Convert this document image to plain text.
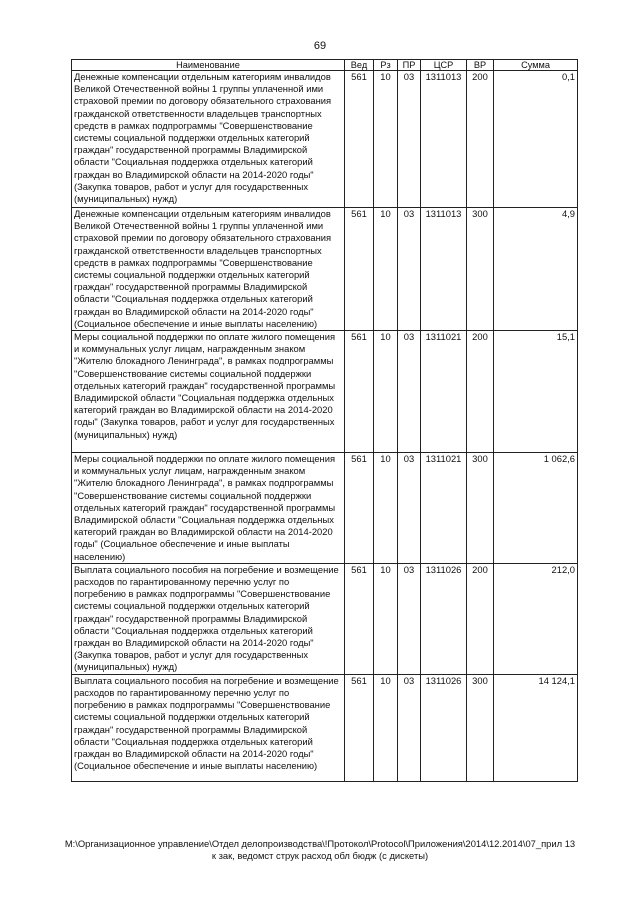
69
Наименование	Вед	Рз	ПР	ЦСР	ВР	Сумма
Денежные компенсации отдельным категориям инвалидов Великой Отечественной войны 1 группы уплаченной ими страховой премии по договору обязательного страхования гражданской ответственности владельцев транспортных средств в рамках подпрограммы "Совершенствование системы социальной поддержки отдельных категорий граждан" государственной программы Владимирской области "Социальная поддержка отдельных категорий граждан во Владимирской области на 2014-2020 годы" (Закупка товаров, работ и услуг для государственных (муниципальных) нужд)	561	10	03	1311013	200	0,1
Денежные компенсации отдельным категориям инвалидов Великой Отечественной войны 1 группы уплаченной ими страховой премии по договору обязательного страхования гражданской ответственности владельцев транспортных средств в рамках подпрограммы "Совершенствование системы социальной поддержки отдельных категорий граждан" государственной программы Владимирской области "Социальная поддержка отдельных категорий граждан во Владимирской области на 2014-2020 годы" (Социальное обеспечение и иные выплаты населению)	561	10	03	1311013	300	4,9
Меры социальной поддержки по оплате жилого помещения и коммунальных услуг лицам, награжденным знаком "Жителю блокадного Ленинграда", в рамках подпрограммы "Совершенствование системы социальной поддержки отдельных категорий граждан" государственной программы Владимирской области "Социальная поддержка отдельных категорий граждан во Владимирской области на 2014-2020 годы" (Закупка товаров, работ и услуг для государственных (муниципальных) нужд)	561	10	03	1311021	200	15,1
Меры социальной поддержки по оплате жилого помещения и коммунальных услуг лицам, награжденным знаком "Жителю блокадного Ленинграда", в рамках подпрограммы "Совершенствование системы социальной поддержки отдельных категорий граждан" государственной программы Владимирской области "Социальная поддержка отдельных категорий граждан во Владимирской области на 2014-2020 годы" (Социальное обеспечение и иные выплаты населению)	561	10	03	1311021	300	1 062,6
Выплата социального пособия на погребение и возмещение расходов по гарантированному перечню услуг по погребению в рамках подпрограммы "Совершенствование системы социальной поддержки отдельных категорий граждан" государственной программы Владимирской области "Социальная поддержка отдельных категорий граждан во Владимирской области на 2014-2020 годы" (Закупка товаров, работ и услуг для государственных (муниципальных) нужд)	561	10	03	1311026	200	212,0
Выплата социального пособия на погребение и возмещение расходов по гарантированному перечню услуг по погребению в рамках подпрограммы "Совершенствование системы социальной поддержки отдельных категорий граждан" государственной программы Владимирской области "Социальная поддержка отдельных категорий граждан во Владимирской области на 2014-2020 годы" (Социальное обеспечение и иные выплаты населению)	561	10	03	1311026	300	14 124,1
М:\Организационное управление\Отдел делопроизводства\!Протокол\Protocol\Приложения\2014\12.2014\07_прил 13
к зак, ведомст струк расход обл бюдж (с дискеты)
